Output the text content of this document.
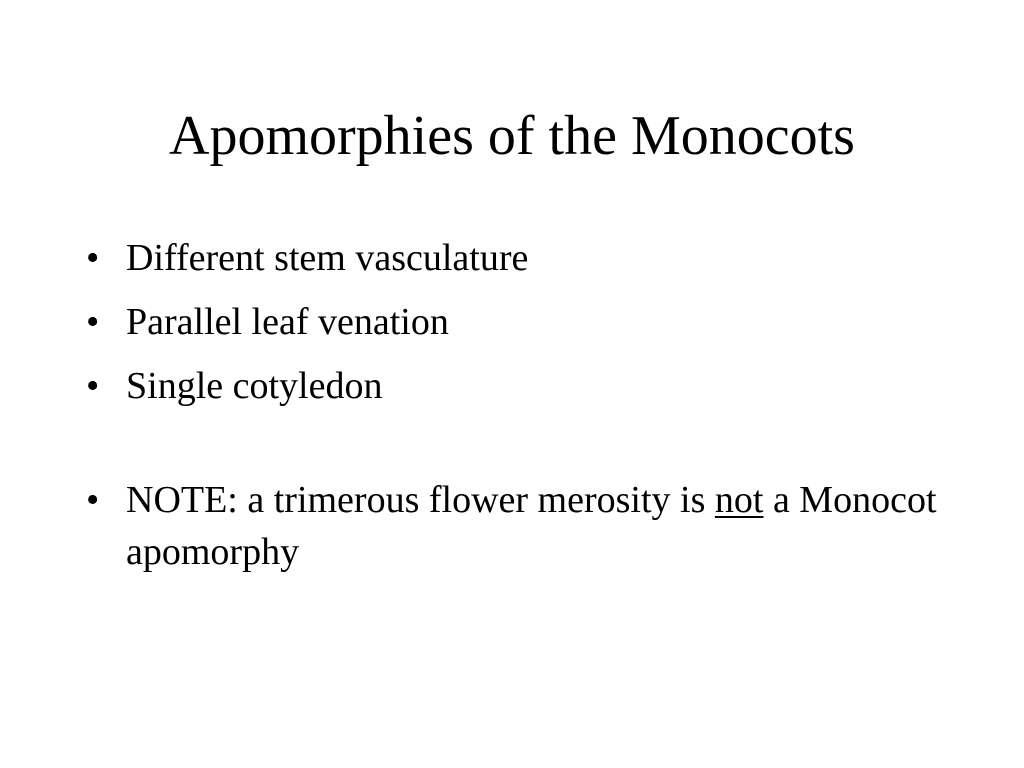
Apomorphies of the Monocots
• Different stem vasculature
• Parallel leaf venation
• Single cotyledon
• NOTE: a trimerous flower merosity is not a Monocot apomorphy
